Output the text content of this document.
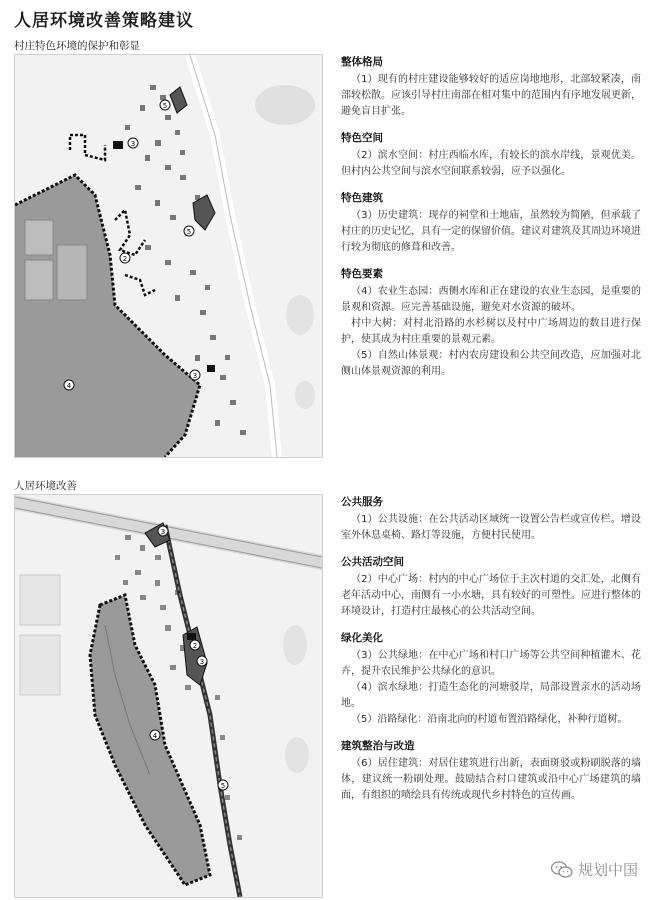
人居环境改善策略建议
村庄特色环境的保护和彰显
5
3
5
2
4
3
整体格局
（1）现有的村庄建设能够较好的适应岗地地形，北部较紧凑，南部较松散。应该引导村庄南部在相对集中的范围内有序地发展更新，避免盲目扩张。
特色空间
（2）滨水空间：村庄西临水库，有较长的滨水岸线，景观优美。但村内公共空间与滨水空间联系较弱，应予以强化。
特色建筑
（3）历史建筑：现存的祠堂和土地庙，虽然较为简陋，但承载了村庄的历史记忆，具有一定的保留价值。建议对建筑及其周边环境进行较为彻底的修葺和改善。
特色要素
（4）农业生态园：西侧水库和正在建设的农业生态园，是重要的景观和资源。应完善基础设施，避免对水资源的破坏。
村中大树：对村北沿路的水杉树以及村中广场周边的数目进行保护，使其成为村庄重要的景观元素。
（5）自然山体景观：村内农房建设和公共空间改造，应加强对北侧山体景观资源的利用。
人居环境改善
3
2
3
4
5
公共服务
（1）公共设施：在公共活动区域统一设置公告栏或宣传栏。增设室外休息桌椅、路灯等设施，方便村民使用。
公共活动空间
（2）中心广场：村内的中心广场位于主次村道的交汇处，北侧有老年活动中心，南侧有一小水塘，具有较好的可塑性。应进行整体的环境设计，打造村庄最核心的公共活动空间。
绿化美化
（3）公共绿地：在中心广场和村口广场等公共空间种植灌木、花卉，提升农民维护公共绿化的意识。
（4）滨水绿地：打造生态化的河塘驳岸，局部设置亲水的活动场地。
（5）沿路绿化：沿南北向的村道布置沿路绿化，补种行道树。
建筑整治与改造
（6）居住建筑：对居住建筑进行出新，表面斑驳或粉刷脱落的墙体，建议统一粉刷处理。鼓励结合村口建筑或沿中心广场建筑的墙面，有组织的喷绘具有传统或现代乡村特色的宣传画。
规划中国
